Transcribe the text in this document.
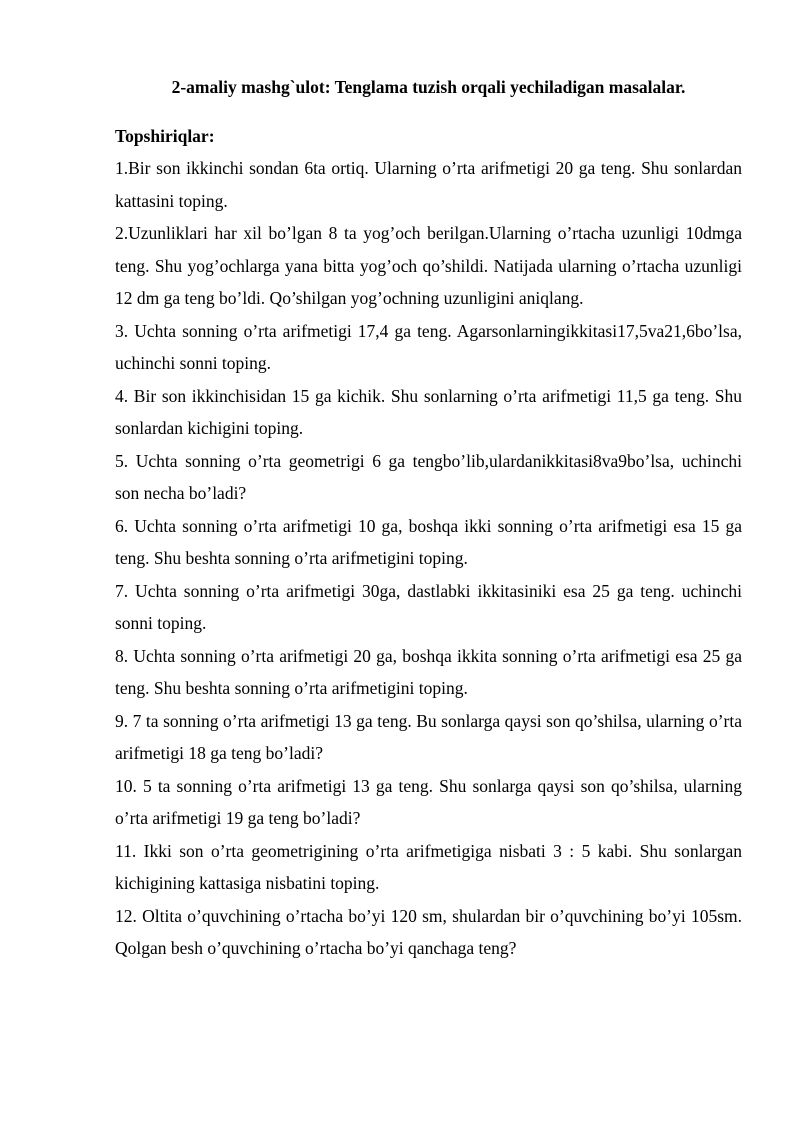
2-amaliy mashg`ulot: Tenglama tuzish orqali yechiladigan masalalar.
Topshiriqlar:

1.Bir son ikkinchi sondan 6ta ortiq. Ularning o’rta arifmetigi 20 ga teng. Shu sonlardan kattasini toping.

2.Uzunliklari har xil bo’lgan 8 ta yog’och berilgan.Ularning o’rtacha uzunligi 10dmga teng. Shu yog’ochlarga yana bitta yog’och qo’shildi. Natijada ularning o’rtacha uzunligi 12 dm ga teng bo’ldi. Qo’shilgan yog’ochning uzunligini aniqlang.

3. Uchta sonning o’rta arifmetigi 17,4 ga teng. Agarsonlarningikkitasi17,5va21,6bo’lsa, uchinchi sonni toping.

4. Bir son ikkinchisidan 15 ga kichik. Shu sonlarning o’rta arifmetigi 11,5 ga teng. Shu sonlardan kichigini toping.

5. Uchta sonning o’rta geometrigi 6 ga tengbo’lib,ulardanikkitasi8va9bo’lsa, uchinchi son necha bo’ladi?

6. Uchta sonning o’rta arifmetigi 10 ga, boshqa ikki sonning o’rta arifmetigi esa 15 ga teng. Shu beshta sonning o’rta arifmetigini toping.

7. Uchta sonning o’rta arifmetigi 30ga, dastlabki ikkitasiniki esa 25 ga teng. uchinchi sonni toping.

8. Uchta sonning o’rta arifmetigi 20 ga, boshqa ikkita sonning o’rta arifmetigi esa 25 ga teng. Shu beshta sonning o’rta arifmetigini toping.

9. 7 ta sonning o’rta arifmetigi 13 ga teng. Bu sonlarga qaysi son qo’shilsa, ularning o’rta arifmetigi 18 ga teng bo’ladi?

10. 5 ta sonning o’rta arifmetigi 13 ga teng. Shu sonlarga qaysi son qo’shilsa, ularning o’rta arifmetigi 19 ga teng bo’ladi?

11. Ikki son o’rta geometrigining o’rta arifmetigiga nisbati 3 : 5 kabi. Shu sonlargan kichigining kattasiga nisbatini toping.

12. Oltita o’quvchining o’rtacha bo’yi 120 sm, shulardan bir o’quvchining bo’yi 105sm. Qolgan besh o’quvchining o’rtacha bo’yi qanchaga teng?
